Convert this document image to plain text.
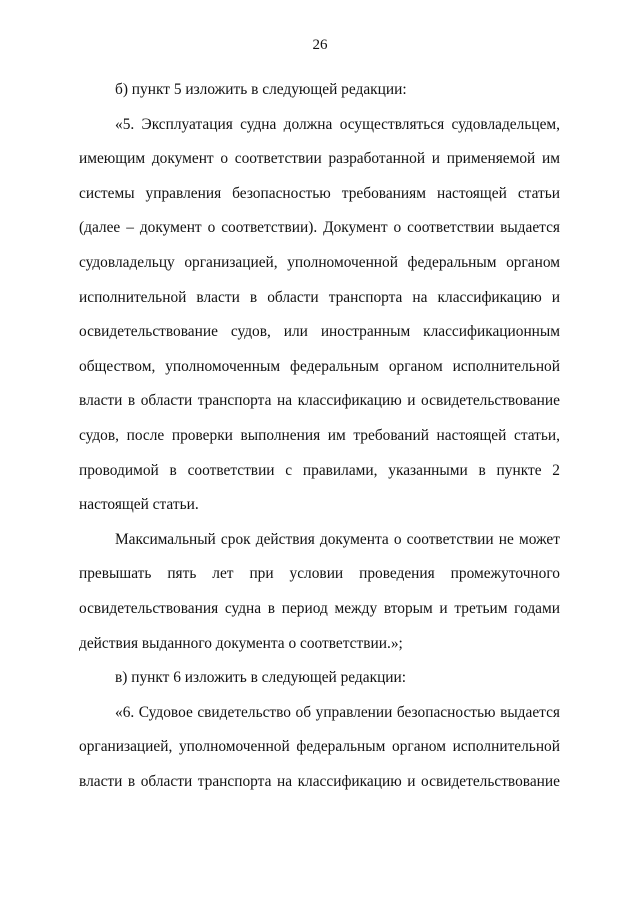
26
б) пункт 5 изложить в следующей редакции:
«5. Эксплуатация судна должна осуществляться судовладельцем,
имеющим документ о соответствии разработанной и применяемой им
системы управления безопасностью требованиям настоящей статьи
(далее – документ о соответствии). Документ о соответствии выдается
судовладельцу организацией, уполномоченной федеральным органом
исполнительной власти в области транспорта на классификацию и
освидетельствование судов, или иностранным классификационным
обществом, уполномоченным федеральным органом исполнительной
власти в области транспорта на классификацию и освидетельствование
судов, после проверки выполнения им требований настоящей статьи,
проводимой в соответствии с правилами, указанными в пункте 2
настоящей статьи.
Максимальный срок действия документа о соответствии не может
превышать пять лет при условии проведения промежуточного
освидетельствования судна в период между вторым и третьим годами
действия выданного документа о соответствии.»;
в) пункт 6 изложить в следующей редакции:
«6. Судовое свидетельство об управлении безопасностью выдается
организацией, уполномоченной федеральным органом исполнительной
власти в области транспорта на классификацию и освидетельствование
